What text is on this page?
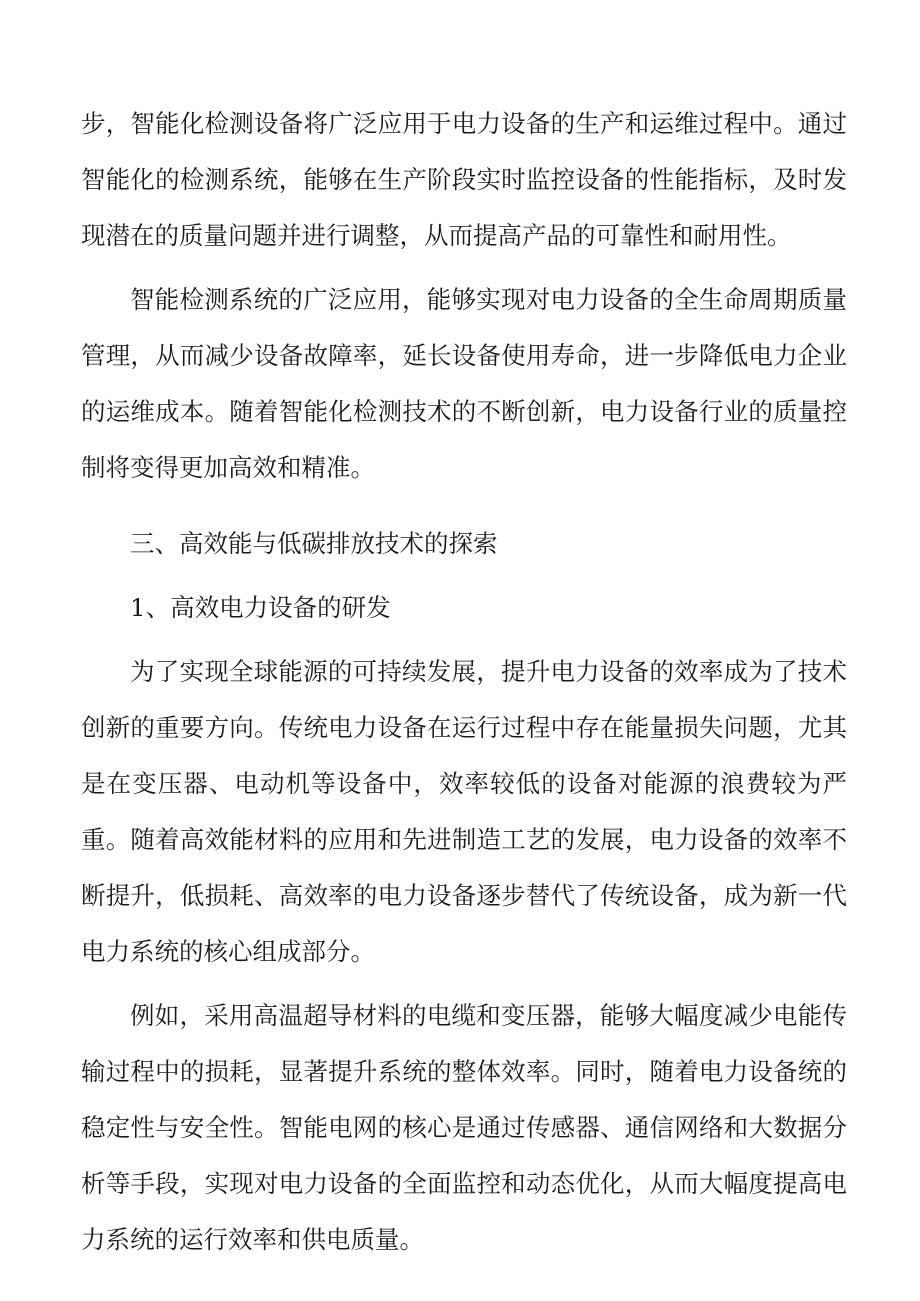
步，智能化检测设备将广泛应用于电力设备的生产和运维过程中。通过智能化的检测系统，能够在生产阶段实时监控设备的性能指标，及时发现潜在的质量问题并进行调整，从而提高产品的可靠性和耐用性。

智能检测系统的广泛应用，能够实现对电力设备的全生命周期质量管理，从而减少设备故障率，延长设备使用寿命，进一步降低电力企业的运维成本。随着智能化检测技术的不断创新，电力设备行业的质量控制将变得更加高效和精准。

三、高效能与低碳排放技术的探索

1、高效电力设备的研发

为了实现全球能源的可持续发展，提升电力设备的效率成为了技术创新的重要方向。传统电力设备在运行过程中存在能量损失问题，尤其是在变压器、电动机等设备中，效率较低的设备对能源的浪费较为严重。随着高效能材料的应用和先进制造工艺的发展，电力设备的效率不断提升，低损耗、高效率的电力设备逐步替代了传统设备，成为新一代电力系统的核心组成部分。

例如，采用高温超导材料的电缆和变压器，能够大幅度减少电能传输过程中的损耗，显著提升系统的整体效率。同时，随着电力设备统的稳定性与安全性。智能电网的核心是通过传感器、通信网络和大数据分析等手段，实现对电力设备的全面监控和动态优化，从而大幅度提高电力系统的运行效率和供电质量。
